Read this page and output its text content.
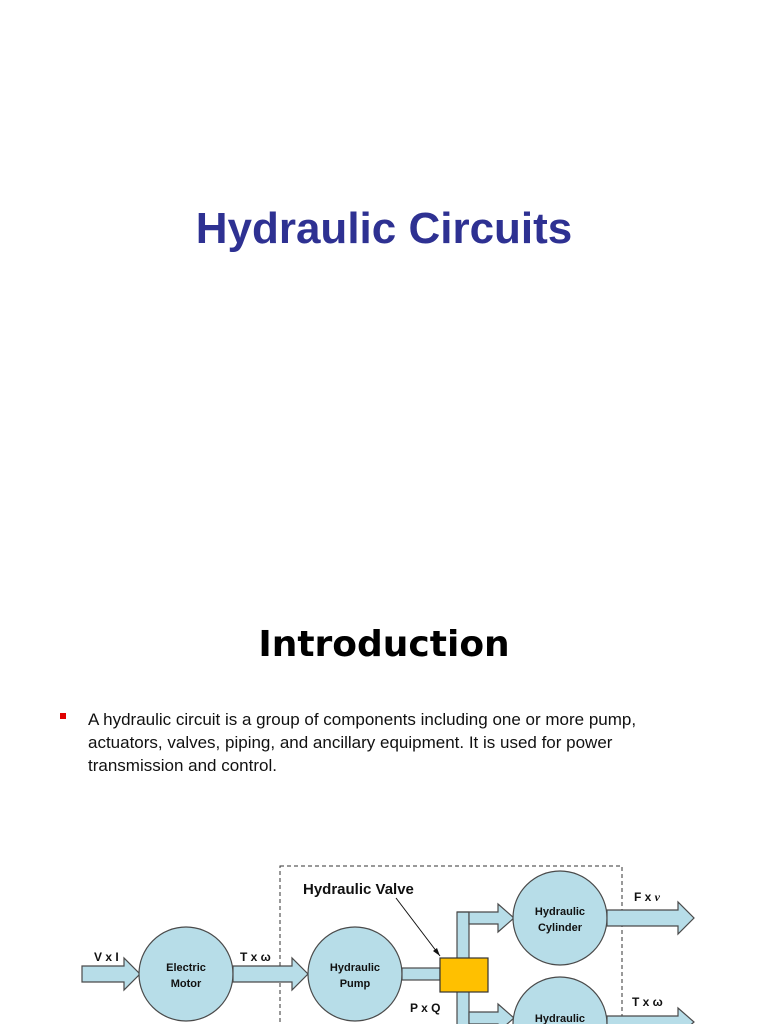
Hydraulic Circuits
Introduction
A hydraulic circuit is a group of components including one or more pump, actuators, valves, piping, and ancillary equipment. It is used for power transmission and control.
V x I
Electric
Motor
T x ω
Hydraulic
Pump
P x Q
Hydraulic Valve
Hydraulic
Cylinder
F x v
Hydraulic
T x ω
